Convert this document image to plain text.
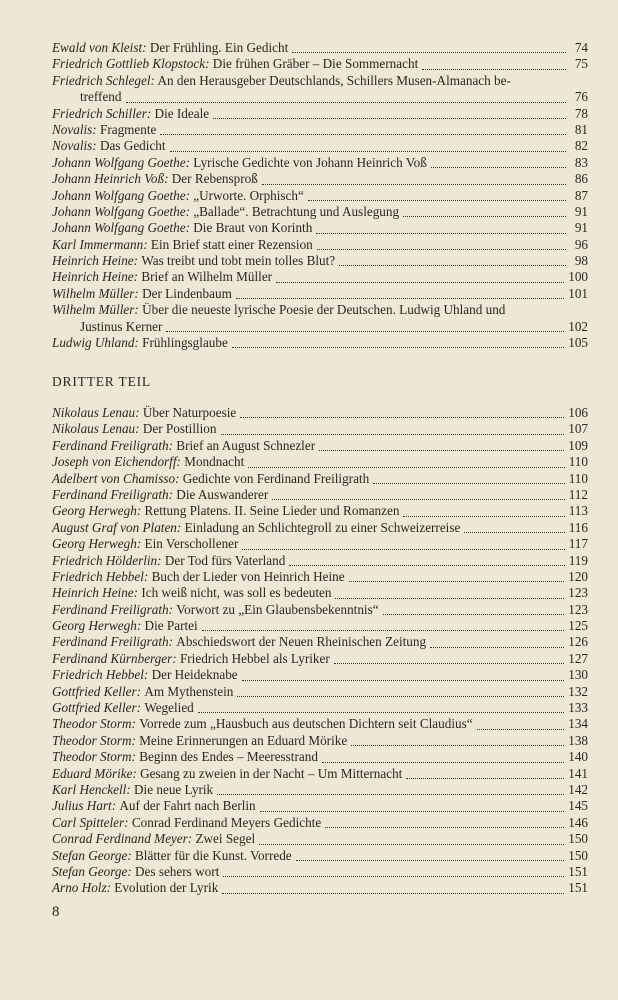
Ewald von Kleist:
Der Frühling. Ein Gedicht	74
Friedrich Gottlieb Klopstock:
Die frühen Gräber – Die Sommernacht	75
Friedrich Schlegel: An den Herausgeber Deutschlands, Schillers Musen-Almanach be-
treffend	76
Friedrich Schiller:
Die Ideale	78
Novalis:
Fragmente	81
Novalis:
Das Gedicht	82
Johann Wolfgang Goethe:
Lyrische Gedichte von Johann Heinrich Voß	83
Johann Heinrich Voß:
Der Rebensproß	86
Johann Wolfgang Goethe:
„Urworte. Orphisch“	87
Johann Wolfgang Goethe:
„Ballade“. Betrachtung und Auslegung	91
Johann Wolfgang Goethe:
Die Braut von Korinth	91
Karl Immermann:
Ein Brief statt einer Rezension	96
Heinrich Heine:
Was treibt und tobt mein tolles Blut?	98
Heinrich Heine:
Brief an Wilhelm Müller	100
Wilhelm Müller:
Der Lindenbaum	101
Wilhelm Müller: Über die neueste lyrische Poesie der Deutschen. Ludwig Uhland und
Justinus Kerner	102
Ludwig Uhland:
Frühlingsglaube	105
DRITTER TEIL
Nikolaus Lenau:
Über Naturpoesie	106
Nikolaus Lenau:
Der Postillion	107
Ferdinand Freiligrath:
Brief an August Schnezler	109
Joseph von Eichendorff:
Mondnacht	110
Adelbert von Chamisso:
Gedichte von Ferdinand Freiligrath	110
Ferdinand Freiligrath:
Die Auswanderer	112
Georg Herwegh:
Rettung Platens. II. Seine Lieder und Romanzen	113
August Graf von Platen:
Einladung an Schlichtegroll zu einer Schweizerreise	116
Georg Herwegh:
Ein Verschollener	117
Friedrich Hölderlin:
Der Tod fürs Vaterland	119
Friedrich Hebbel:
Buch der Lieder von Heinrich Heine	120
Heinrich Heine:
Ich weiß nicht, was soll es bedeuten	123
Ferdinand Freiligrath:
Vorwort zu „Ein Glaubensbekenntnis“	123
Georg Herwegh:
Die Partei	125
Ferdinand Freiligrath:
Abschiedswort der Neuen Rheinischen Zeitung	126
Ferdinand Kürnberger:
Friedrich Hebbel als Lyriker	127
Friedrich Hebbel:
Der Heideknabe	130
Gottfried Keller:
Am Mythenstein	132
Gottfried Keller:
Wegelied	133
Theodor Storm:
Vorrede zum „Hausbuch aus deutschen Dichtern seit Claudius“	134
Theodor Storm:
Meine Erinnerungen an Eduard Mörike	138
Theodor Storm:
Beginn des Endes – Meeresstrand	140
Eduard Mörike:
Gesang zu zweien in der Nacht – Um Mitternacht	141
Karl Henckell:
Die neue Lyrik	142
Julius Hart:
Auf der Fahrt nach Berlin	145
Carl Spitteler:
Conrad Ferdinand Meyers Gedichte	146
Conrad Ferdinand Meyer:
Zwei Segel	150
Stefan George:
Blätter für die Kunst. Vorrede	150
Stefan George:
Des sehers wort	151
Arno Holz:
Evolution der Lyrik	151
8
